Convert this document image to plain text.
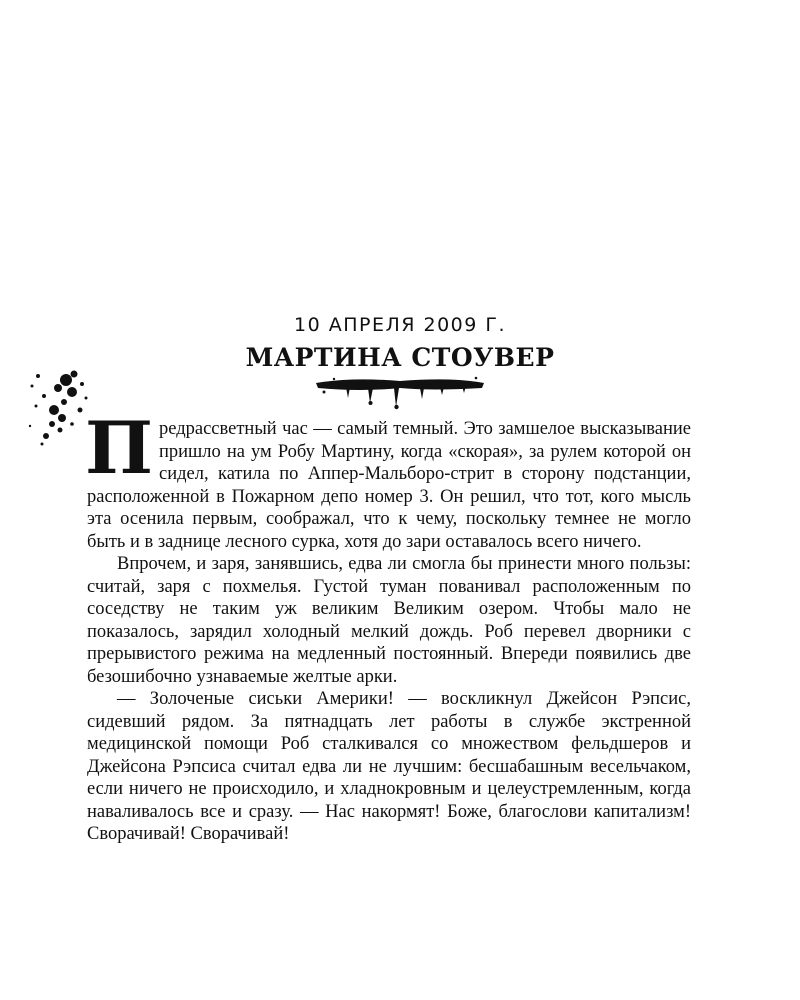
10 АПРЕЛЯ 2009 Г.
МАРТИНА СТОУВЕР

Предрассветный час — самый темный. Это замшелое высказывание пришло на ум Робу Мартину, когда «скорая», за рулем которой он сидел, катила по Аппер-Мальборо-стрит в сторону подстанции, расположенной в Пожарном депо номер 3. Он решил, что тот, кого мысль эта осенила первым, соображал, что к чему, поскольку темнее не могло быть и в заднице лесного сурка, хотя до зари оставалось всего ничего.

Впрочем, и заря, занявшись, едва ли смогла бы принести много пользы: считай, заря с похмелья. Густой туман пованивал расположенным по соседству не таким уж великим Великим озером. Чтобы мало не показалось, зарядил холодный мелкий дождь. Роб перевел дворники с прерывистого режима на медленный постоянный. Впереди появились две безошибочно узнаваемые желтые арки.

— Золоченые сиськи Америки! — воскликнул Джейсон Рэпсис, сидевший рядом. За пятнадцать лет работы в службе экстренной медицинской помощи Роб сталкивался со множеством фельдшеров и Джейсона Рэпсиса считал едва ли не лучшим: бесшабашным весельчаком, если ничего не происходило, и хладнокровным и целеустремленным, когда наваливалось все и сразу. — Нас накормят! Боже, благослови капитализм! Сворачивай! Сворачивай!
